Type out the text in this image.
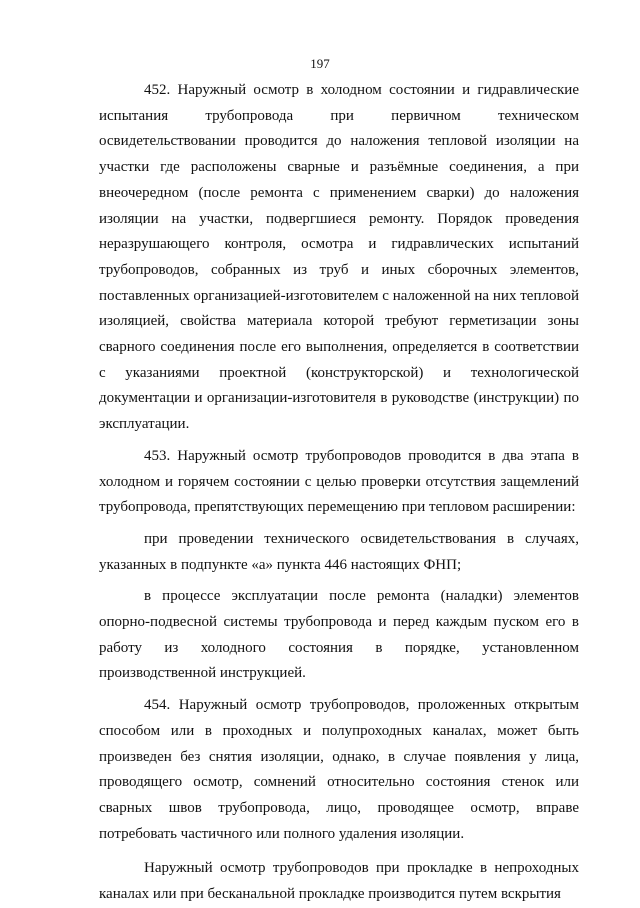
197

452. Наружный осмотр в холодном состоянии и гидравлические испытания трубопровода при первичном техническом освидетельствовании проводится до наложения тепловой изоляции на участки где расположены сварные и разъёмные соединения, а при внеочередном (после ремонта с применением сварки) до наложения изоляции на участки, подвергшиеся ремонту. Порядок проведения неразрушающего контроля, осмотра и гидравлических испытаний трубопроводов, собранных из труб и иных сборочных элементов, поставленных организацией-изготовителем с наложенной на них тепловой изоляцией, свойства материала которой требуют герметизации зоны сварного соединения после его выполнения, определяется в соответствии с указаниями проектной (конструкторской) и технологической документации и организации-изготовителя в руководстве (инструкции) по эксплуатации.

453. Наружный осмотр трубопроводов проводится в два этапа в холодном и горячем состоянии с целью проверки отсутствия защемлений трубопровода, препятствующих перемещению при тепловом расширении:

при проведении технического освидетельствования в случаях, указанных в подпункте «а» пункта 446 настоящих ФНП;

в процессе эксплуатации после ремонта (наладки) элементов опорно-подвесной системы трубопровода и перед каждым пуском его в работу из холодного состояния в порядке, установленном производственной инструкцией.

454. Наружный осмотр трубопроводов, проложенных открытым способом или в проходных и полупроходных каналах, может быть произведен без снятия изоляции, однако, в случае появления у лица, проводящего осмотр, сомнений относительно состояния стенок или сварных швов трубопровода, лицо, проводящее осмотр, вправе потребовать частичного или полного удаления изоляции.

Наружный осмотр трубопроводов при прокладке в непроходных каналах или при бесканальной прокладке производится путем вскрытия
